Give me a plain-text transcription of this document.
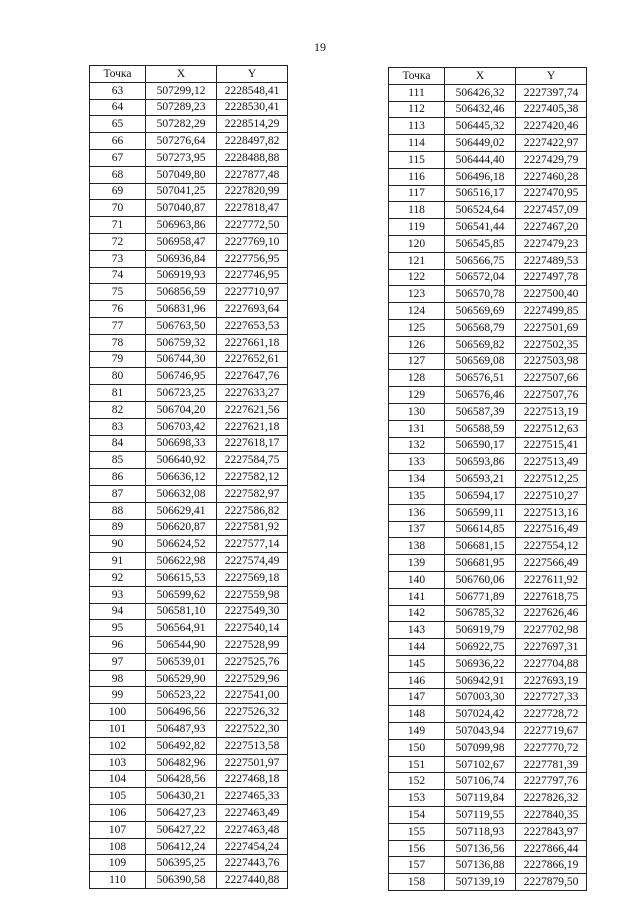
19
Точка	X	Y
63	507299,12	2228548,41
64	507289,23	2228530,41
65	507282,29	2228514,29
66	507276,64	2228497,82
67	507273,95	2228488,88
68	507049,80	2227877,48
69	507041,25	2227820,99
70	507040,87	2227818,47
71	506963,86	2227772,50
72	506958,47	2227769,10
73	506936,84	2227756,95
74	506919,93	2227746,95
75	506856,59	2227710,97
76	506831,96	2227693,64
77	506763,50	2227653,53
78	506759,32	2227661,18
79	506744,30	2227652,61
80	506746,95	2227647,76
81	506723,25	2227633,27
82	506704,20	2227621,56
83	506703,42	2227621,18
84	506698,33	2227618,17
85	506640,92	2227584,75
86	506636,12	2227582,12
87	506632,08	2227582,97
88	506629,41	2227586,82
89	506620,87	2227581,92
90	506624,52	2227577,14
91	506622,98	2227574,49
92	506615,53	2227569,18
93	506599,62	2227559,98
94	506581,10	2227549,30
95	506564,91	2227540,14
96	506544,90	2227528,99
97	506539,01	2227525,76
98	506529,90	2227529,96
99	506523,22	2227541,00
100	506496,56	2227526,32
101	506487,93	2227522,30
102	506492,82	2227513,58
103	506482,96	2227501,97
104	506428,56	2227468,18
105	506430,21	2227465,33
106	506427,23	2227463,49
107	506427,22	2227463,48
108	506412,24	2227454,24
109	506395,25	2227443,76
110	506390,58	2227440,88
Точка	X	Y
111	506426,32	2227397,74
112	506432,46	2227405,38
113	506445,32	2227420,46
114	506449,02	2227422,97
115	506444,40	2227429,79
116	506496,18	2227460,28
117	506516,17	2227470,95
118	506524,64	2227457,09
119	506541,44	2227467,20
120	506545,85	2227479,23
121	506566,75	2227489,53
122	506572,04	2227497,78
123	506570,78	2227500,40
124	506569,69	2227499,85
125	506568,79	2227501,69
126	506569,82	2227502,35
127	506569,08	2227503,98
128	506576,51	2227507,66
129	506576,46	2227507,76
130	506587,39	2227513,19
131	506588,59	2227512,63
132	506590,17	2227515,41
133	506593,86	2227513,49
134	506593,21	2227512,25
135	506594,17	2227510,27
136	506599,11	2227513,16
137	506614,85	2227516,49
138	506681,15	2227554,12
139	506681,95	2227566,49
140	506760,06	2227611,92
141	506771,89	2227618,75
142	506785,32	2227626,46
143	506919,79	2227702,98
144	506922,75	2227697,31
145	506936,22	2227704,88
146	506942,91	2227693,19
147	507003,30	2227727,33
148	507024,42	2227728,72
149	507043,94	2227719,67
150	507099,98	2227770,72
151	507102,67	2227781,39
152	507106,74	2227797,76
153	507119,84	2227826,32
154	507119,55	2227840,35
155	507118,93	2227843,97
156	507136,56	2227866,44
157	507136,88	2227866,19
158	507139,19	2227879,50
